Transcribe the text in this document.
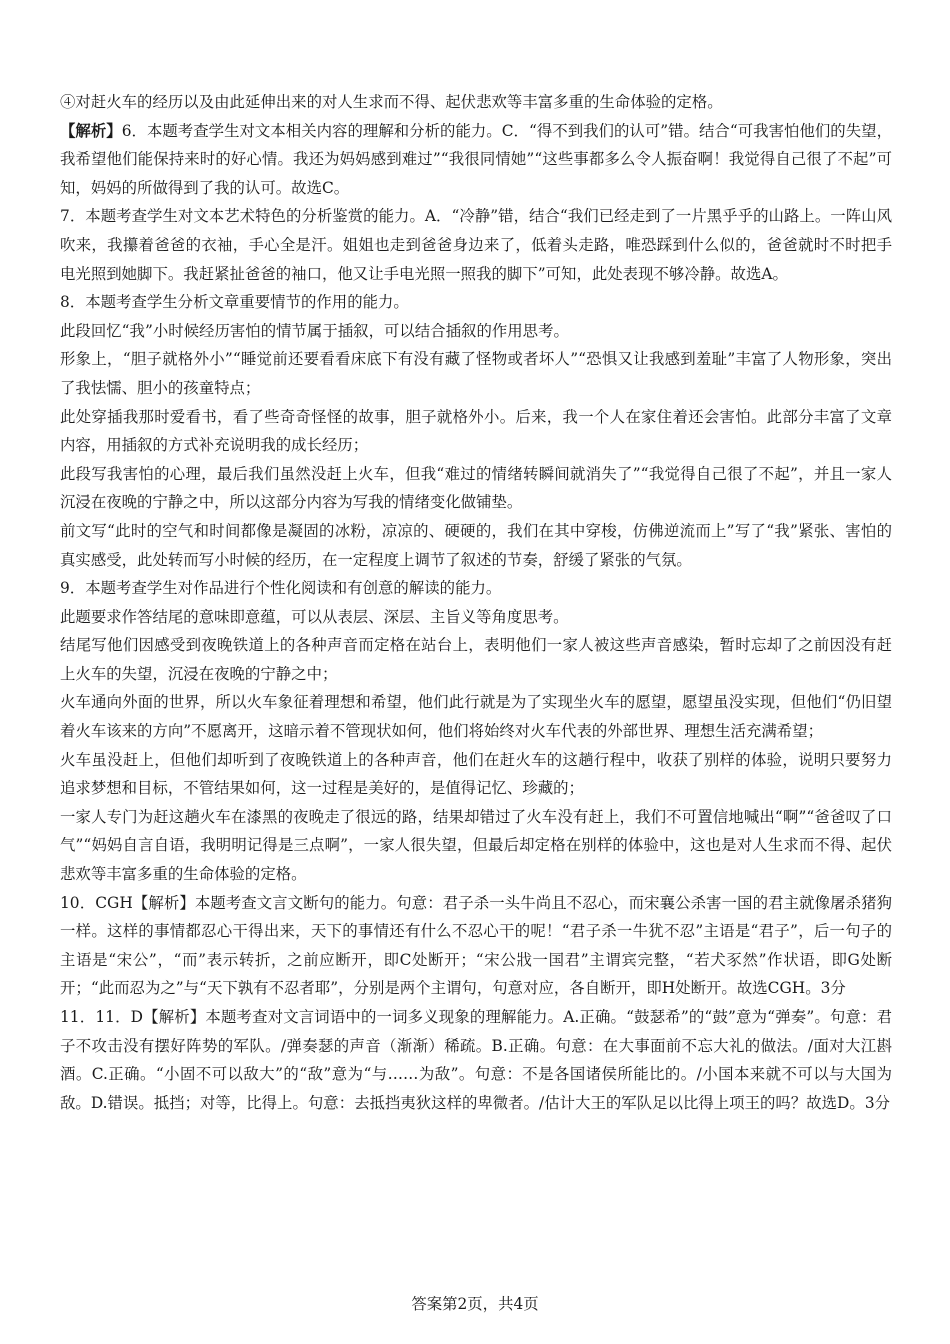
④对赶火车的经历以及由此延伸出来的对人生求而不得、起伏悲欢等丰富多重的生命体验的定格。

【解析】6．本题考查学生对文本相关内容的理解和分析的能力。C．“得不到我们的认可”错。结合“可我害怕他们的失望，我希望他们能保持来时的好心情。我还为妈妈感到难过”“我很同情她”“这些事都多么令人振奋啊！我觉得自己很了不起”可知，妈妈的所做得到了我的认可。故选C。

7．本题考查学生对文本艺术特色的分析鉴赏的能力。A．“冷静”错，结合“我们已经走到了一片黑乎乎的山路上。一阵山风吹来，我攥着爸爸的衣袖，手心全是汗。姐姐也走到爸爸身边来了，低着头走路，唯恐踩到什么似的，爸爸就时不时把手电光照到她脚下。我赶紧扯爸爸的袖口，他又让手电光照一照我的脚下”可知，此处表现不够冷静。故选A。

8．本题考查学生分析文章重要情节的作用的能力。

此段回忆“我”小时候经历害怕的情节属于插叙，可以结合插叙的作用思考。

形象上，“胆子就格外小”“睡觉前还要看看床底下有没有藏了怪物或者坏人”“恐惧又让我感到羞耻”丰富了人物形象，突出了我怯懦、胆小的孩童特点；

此处穿插我那时爱看书，看了些奇奇怪怪的故事，胆子就格外小。后来，我一个人在家住着还会害怕。此部分丰富了文章内容，用插叙的方式补充说明我的成长经历；

此段写我害怕的心理，最后我们虽然没赶上火车，但我“难过的情绪转瞬间就消失了”“我觉得自己很了不起”，并且一家人沉浸在夜晚的宁静之中，所以这部分内容为写我的情绪变化做铺垫。

前文写“此时的空气和时间都像是凝固的冰粉，凉凉的、硬硬的，我们在其中穿梭，仿佛逆流而上”写了“我”紧张、害怕的真实感受，此处转而写小时候的经历，在一定程度上调节了叙述的节奏，舒缓了紧张的气氛。

9．本题考查学生对作品进行个性化阅读和有创意的解读的能力。

此题要求作答结尾的意味即意蕴，可以从表层、深层、主旨义等角度思考。

结尾写他们因感受到夜晚铁道上的各种声音而定格在站台上，表明他们一家人被这些声音感染，暂时忘却了之前因没有赶上火车的失望，沉浸在夜晚的宁静之中；

火车通向外面的世界，所以火车象征着理想和希望，他们此行就是为了实现坐火车的愿望，愿望虽没实现，但他们“仍旧望着火车该来的方向”不愿离开，这暗示着不管现状如何，他们将始终对火车代表的外部世界、理想生活充满希望；

火车虽没赶上，但他们却听到了夜晚铁道上的各种声音，他们在赶火车的这趟行程中，收获了别样的体验，说明只要努力追求梦想和目标，不管结果如何，这一过程是美好的，是值得记忆、珍藏的；

一家人专门为赶这趟火车在漆黑的夜晚走了很远的路，结果却错过了火车没有赶上，我们不可置信地喊出“啊”“爸爸叹了口气”“妈妈自言自语，我明明记得是三点啊”，一家人很失望，但最后却定格在别样的体验中，这也是对人生求而不得、起伏悲欢等丰富多重的生命体验的定格。

10．CGH【解析】本题考查文言文断句的能力。句意：君子杀一头牛尚且不忍心，而宋襄公杀害一国的君主就像屠杀猪狗一样。这样的事情都忍心干得出来，天下的事情还有什么不忍心干的呢！“君子杀一牛犹不忍”主语是“君子”，后一句子的主语是“宋公”，“而”表示转折，之前应断开，即C处断开；“宋公戕一国君”主谓宾完整，“若犬豕然”作状语，即G处断开；“此而忍为之”与“天下孰有不忍者耶”，分别是两个主谓句，句意对应，各自断开，即H处断开。故选CGH。3分

11．11．D【解析】本题考查对文言词语中的一词多义现象的理解能力。A.正确。“鼓瑟希”的“鼓”意为“弹奏”。句意：君子不攻击没有摆好阵势的军队。/弹奏瑟的声音（渐渐）稀疏。B.正确。句意：在大事面前不忘大礼的做法。/面对大江斟酒。C.正确。“小固不可以敌大”的“敌”意为“与……为敌”。句意：不是各国诸侯所能比的。/小国本来就不可以与大国为敌。D.错误。抵挡；对等，比得上。句意：去抵挡夷狄这样的卑微者。/估计大王的军队足以比得上项王的吗？故选D。3分

答案第2页，共4页
